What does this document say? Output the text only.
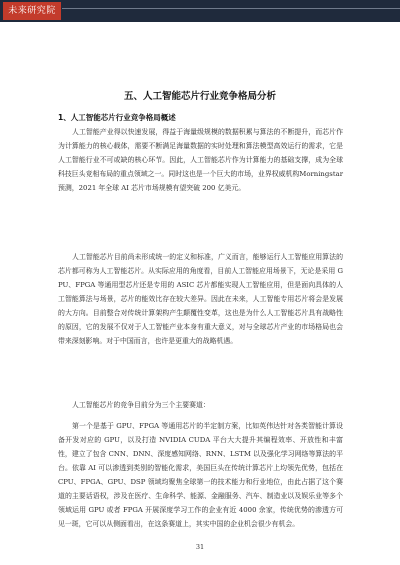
未来研究院
五、人工智能芯片行业竞争格局分析
1、人工智能芯片行业竞争格局概述

人工智能产业得以快速发展，得益于海量级规模的数据积累与算法的不断提升，而芯片作为计算能力的核心载体，需要不断满足海量数据的实时处理和算法模型高效运行的需求，它是人工智能行业不可或缺的核心环节。因此，人工智能芯片作为计算能力的基础支撑，成为全球科技巨头竞相布局的重点领域之一。同时这也是一个巨大的市场，业界权威机构Morningstar 预测，2021 年全球 AI 芯片市场规模有望突破 200 亿美元。

人工智能芯片目前尚未形成统一的定义和标准，广义而言，能够运行人工智能应用算法的芯片都可称为人工智能芯片。从实际应用的角度看，目前人工智能应用场景下，无论是采用 GPU、FPGA 等通用型芯片还是专用的 ASIC 芯片都能实现人工智能应用，但是面向具体的人工智能算法与场景，芯片的能效比存在较大差异。因此在未来，人工智能专用芯片将会是发展的大方向。目前整合对传统计算架构产生颠覆性变革，这也是为什么人工智能芯片具有战略性的原因，它的发展不仅对于人工智能产业本身有重大意义，对与全球芯片产业的市场格局也会带来深刻影响。对于中国而言，也许是更重大的战略机遇。

人工智能芯片的竞争目前分为三个主要赛道：

第一个是基于 GPU、FPGA 等通用芯片的半定制方案，比如英伟达针对各类智能计算设备开发对应的 GPU，以及打造 NVIDIA CUDA 平台大大提升其编程效率、开放性和丰富性，建立了包含 CNN、DNN、深度感知网络、RNN、LSTM 以及强化学习网络等算法的平台。依靠 AI 可以渗透到类别的智能化需求，美国巨头在传统计算芯片上均领先优势，包括在 CPU、FPGA、GPU、DSP 领域均聚焦全球第一的技术能力和行业地位，由此占据了这个赛道的主要话语权，涉及在医疗、生命科学、能源、金融服务、汽车、制造业以及娱乐业等多个领域运用 GPU 或者 FPGA 开展深度学习工作的企业有近 4000 余家，传统优势的渗透方可见一斑，它可以从侧面看出，在这条赛道上，其实中国的企业机会很少有机会。

31
